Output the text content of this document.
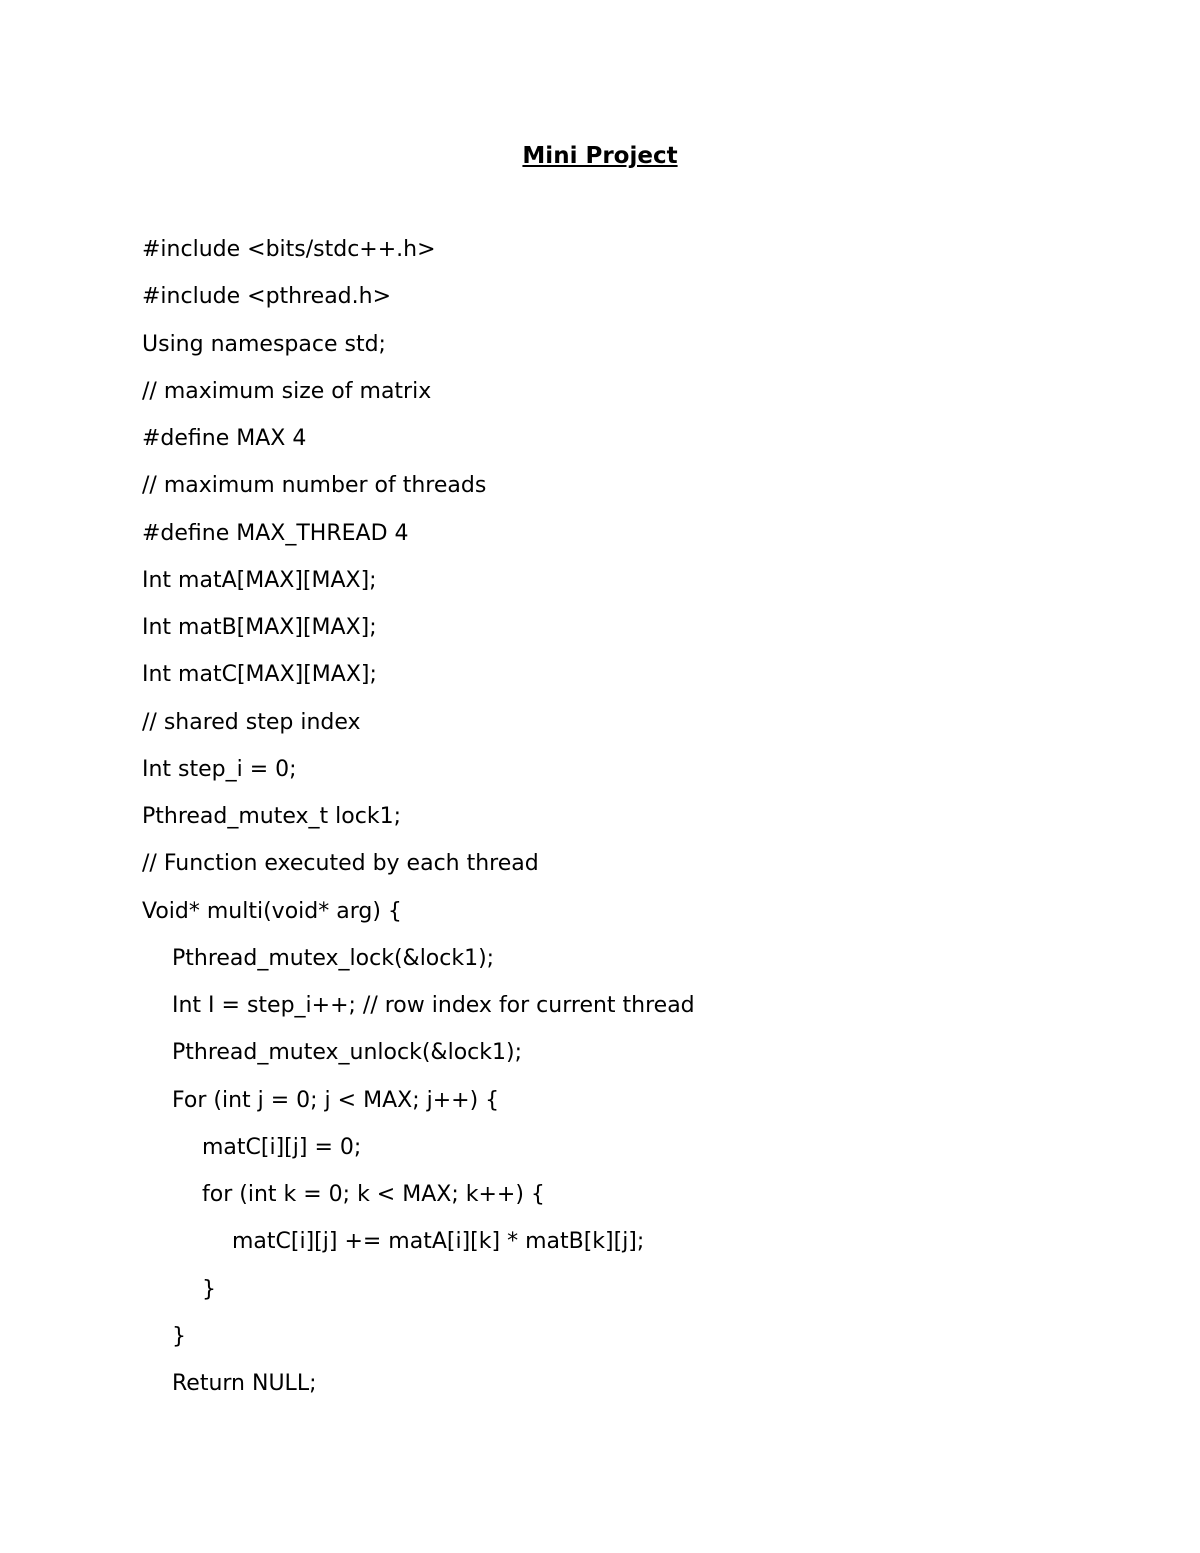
Mini Project
#include <bits/stdc++.h>
#include <pthread.h>
Using namespace std;
// maximum size of matrix
#define MAX 4
// maximum number of threads
#define MAX_THREAD 4
Int matA[MAX][MAX];
Int matB[MAX][MAX];
Int matC[MAX][MAX];
// shared step index
Int step_i = 0;
Pthread_mutex_t lock1;
// Function executed by each thread
Void* multi(void* arg) {
Pthread_mutex_lock(&lock1);
Int I = step_i++; // row index for current thread
Pthread_mutex_unlock(&lock1);
For (int j = 0; j < MAX; j++) {
matC[i][j] = 0;
for (int k = 0; k < MAX; k++) {
matC[i][j] += matA[i][k] * matB[k][j];
}
}
Return NULL;
